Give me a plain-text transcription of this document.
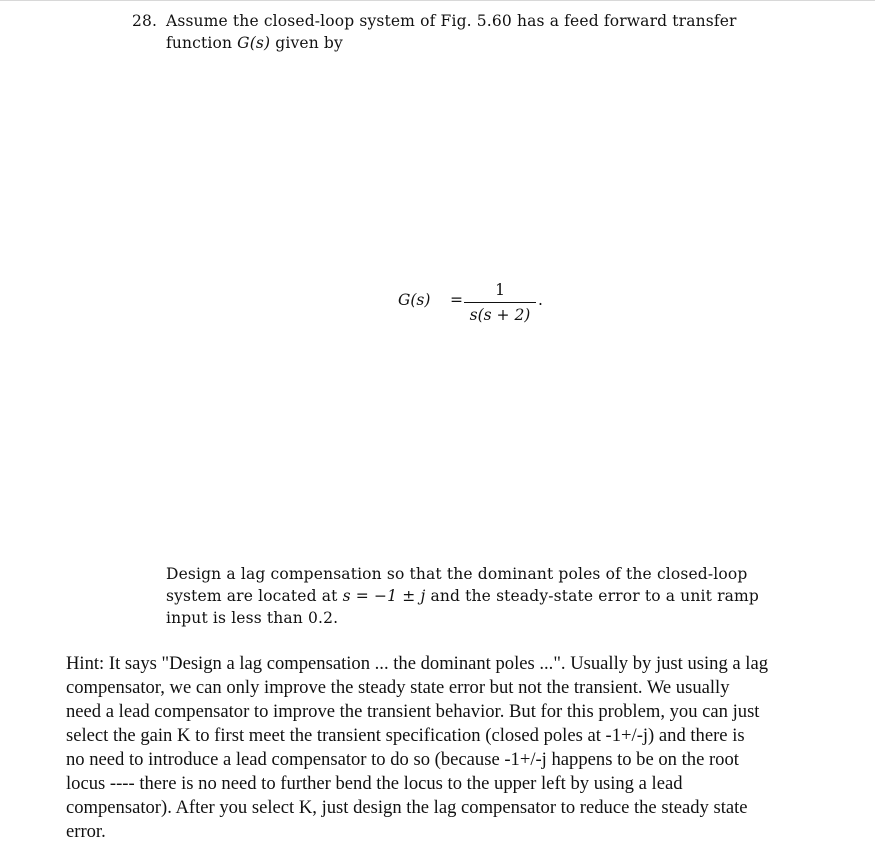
28. Assume the closed-loop system of Fig. 5.60 has a feed forward transfer
function G(s) given by
G(s) =
1
s(s + 2)
.
Design a lag compensation so that the dominant poles of the closed-loop
system are located at s = −1 ± j and the steady-state error to a unit ramp
input is less than 0.2.
Hint: It says "Design a lag compensation ... the dominant poles ...". Usually by just using a lag
compensator, we can only improve the steady state error but not the transient. We usually
need a lead compensator to improve the transient behavior. But for this problem, you can just
select the gain K to first meet the transient specification (closed poles at -1+/-j) and there is
no need to introduce a lead compensator to do so (because -1+/-j happens to be on the root
locus ---- there is no need to further bend the locus to the upper left by using a lead
compensator). After you select K, just design the lag compensator to reduce the steady state
error.
